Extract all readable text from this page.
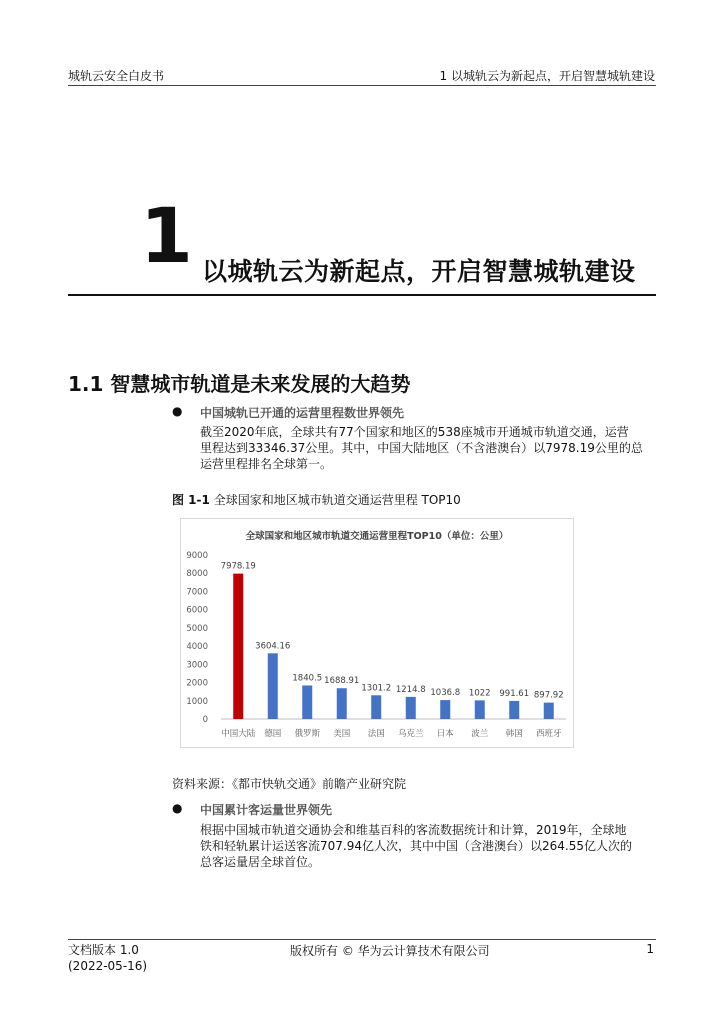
城轨云安全白皮书	1 以城轨云为新起点，开启智慧城轨建设
1 以城轨云为新起点，开启智慧城轨建设
1.1 智慧城市轨道是未来发展的大趋势
● 中国城轨已开通的运营里程数世界领先
截至2020年底，全球共有77个国家和地区的538座城市开通城市轨道交通，运营
里程达到33346.37公里。其中，中国大陆地区（不含港澳台）以7978.19公里的总
运营里程排名全球第一。
图 1-1 全球国家和地区城市轨道交通运营里程 TOP10
全球国家和地区城市轨道交通运营里程TOP10（单位：公里）
0
1000
2000
3000
4000
5000
6000
7000
8000
9000
7978.19
中国大陆
3604.16
德国
1840.5
俄罗斯
1688.91
美国
1301.2
法国
1214.8
乌克兰
1036.8
日本
1022
波兰
991.61
韩国
897.92
西班牙
资料来源：《都市快轨交通》前瞻产业研究院
● 中国累计客运量世界领先
根据中国城市轨道交通协会和维基百科的客流数据统计和计算，2019年，全球地
铁和轻轨累计运送客流707.94亿人次，其中中国（含港澳台）以264.55亿人次的
总客运量居全球首位。
文档版本 1.0
(2022-05-16)
版权所有 © 华为云计算技术有限公司	1
